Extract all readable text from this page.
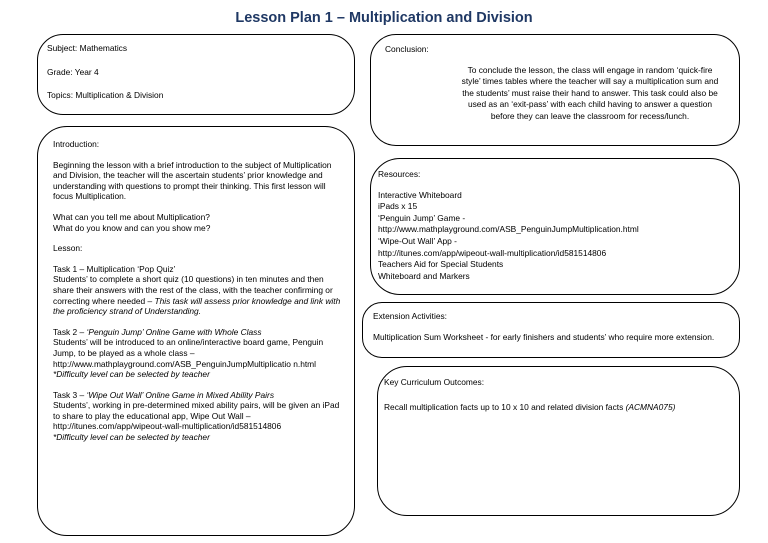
Lesson Plan 1 – Multiplication and Division

Subject: Mathematics

Grade: Year 4

Topics: Multiplication & Division

Introduction:

Beginning the lesson with a brief introduction to the subject of Multiplication and Division, the teacher will the ascertain students’ prior knowledge and understanding with questions to prompt their thinking. This first lesson will focus Multiplication.

What can you tell me about Multiplication?

What do you know and can you show me?

Lesson:

Task 1 – Multiplication ‘Pop Quiz’
Students’ to complete a short quiz (10 questions) in ten minutes and then share their answers with the rest of the class, with the teacher confirming or correcting where needed – This task will assess prior knowledge and link with the proficiency strand of Understanding.

Task 2 – ‘Penguin Jump’ Online Game with Whole Class
Students’ will be introduced to an online/interactive board game, Penguin Jump, to be played as a whole class – http://www.mathplayground.com/ASB_PenguinJumpMultiplicatio n.html
*Difficulty level can be selected by teacher

Task 3 – ‘Wipe Out Wall’ Online Game in Mixed Ability Pairs
Students’, working in pre-determined mixed ability pairs, will be given an iPad to share to play the educational app, Wipe Out Wall –
http://itunes.com/app/wipeout-wall-multiplication/id581514806
*Difficulty level can be selected by teacher

Conclusion:

To conclude the lesson, the class will engage in random ‘quick-fire style’ times tables where the teacher will say a multiplication sum and the students’ must raise their hand to answer. This task could also be used as an ‘exit-pass’ with each child having to answer a question before they can leave the classroom for recess/lunch.

Resources:

Interactive Whiteboard

iPads x 15

‘Penguin Jump’ Game -

http://www.mathplayground.com/ASB_PenguinJumpMultiplication.html

‘Wipe-Out Wall’ App -

http://itunes.com/app/wipeout-wall-multiplication/id581514806

Teachers Aid for Special Students

Whiteboard and Markers

Extension Activities:

Multiplication Sum Worksheet - for early finishers and students’ who require more extension.

Key Curriculum Outcomes:

Recall multiplication facts up to 10 x 10 and related division facts (ACMNA075)
